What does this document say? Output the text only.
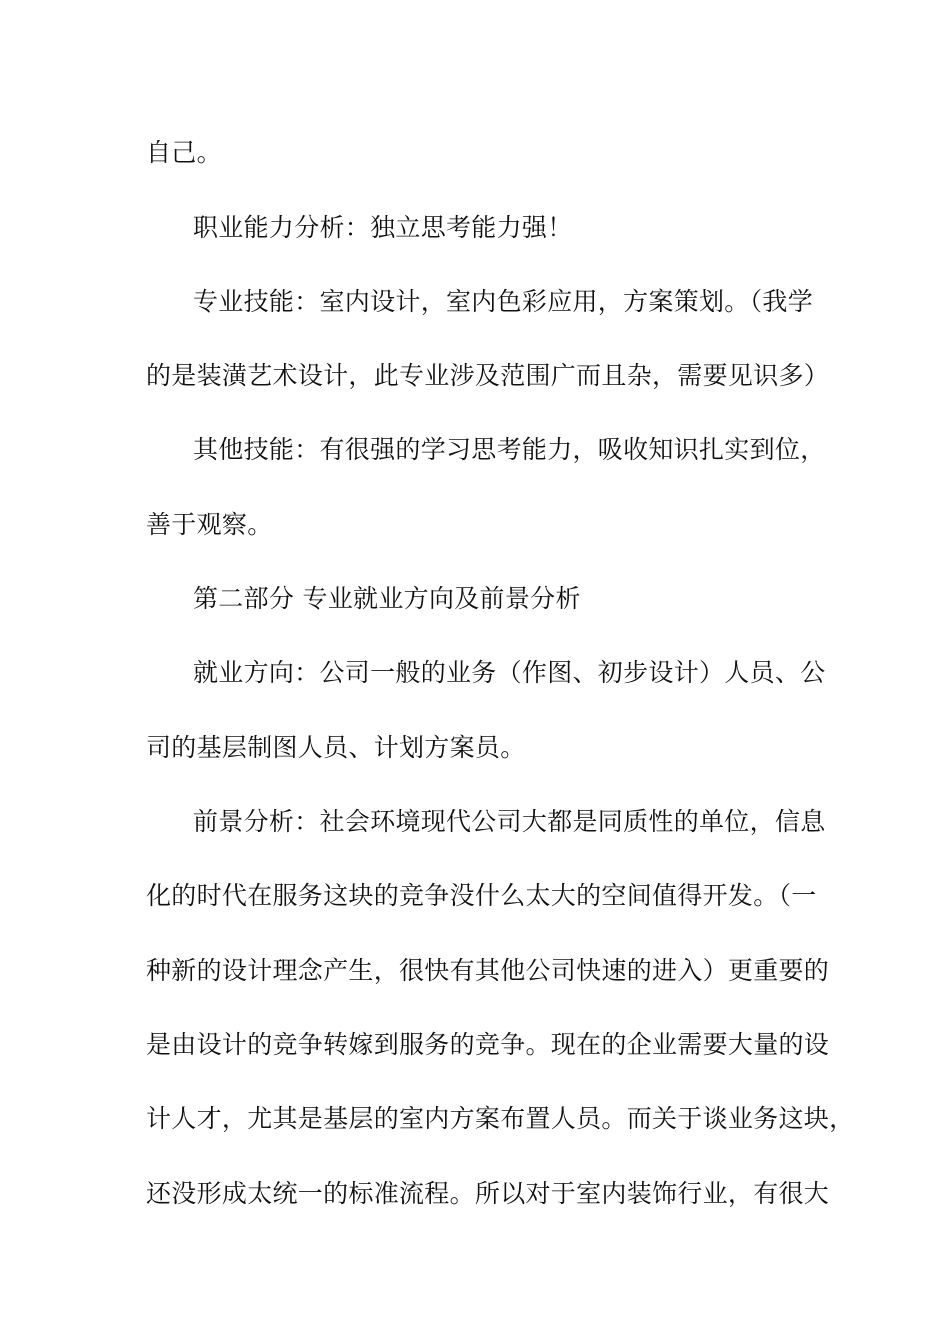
自己。
职业能力分析：独立思考能力强！
专业技能：室内设计，室内色彩应用，方案策划。（我学
的是装潢艺术设计，此专业涉及范围广而且杂，需要见识多）
其他技能：有很强的学习思考能力，吸收知识扎实到位，
善于观察。
第二部分 专业就业方向及前景分析
就业方向：公司一般的业务（作图、初步设计）人员、公
司的基层制图人员、计划方案员。
前景分析：社会环境现代公司大都是同质性的单位，信息
化的时代在服务这块的竞争没什么太大的空间值得开发。（一
种新的设计理念产生，很快有其他公司快速的进入）更重要的
是由设计的竞争转嫁到服务的竞争。现在的企业需要大量的设
计人才，尤其是基层的室内方案布置人员。而关于谈业务这块，
还没形成太统一的标准流程。所以对于室内装饰行业，有很大
